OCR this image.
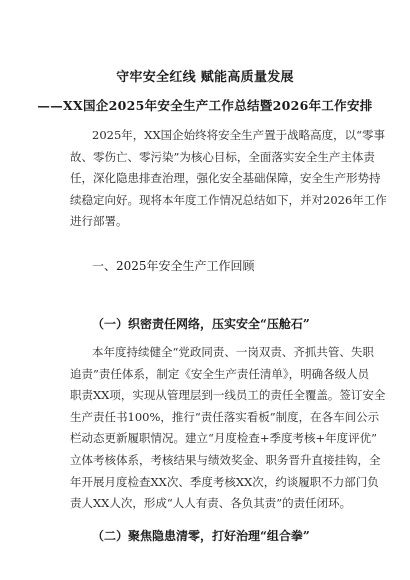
守牢安全红线 赋能高质量发展
——XX国企2025年安全生产工作总结暨2026年工作安排
2025年，XX国企始终将安全生产置于战略高度，以“零事
故、零伤亡、零污染”为核心目标，全面落实安全生产主体责
任，深化隐患排查治理，强化安全基础保障，安全生产形势持
续稳定向好。现将本年度工作情况总结如下，并对2026年工作
进行部署。
一、2025年安全生产工作回顾
（一）织密责任网络，压实安全“压舱石”
本年度持续健全“党政同责、一岗双责、齐抓共管、失职
追责”责任体系，制定《安全生产责任清单》，明确各级人员
职责XX项，实现从管理层到一线员工的责任全覆盖。签订安全
生产责任书100%，推行“责任落实看板”制度，在各车间公示
栏动态更新履职情况。建立“月度检查+季度考核+年度评优”
立体考核体系，考核结果与绩效奖金、职务晋升直接挂钩，全
年开展月度检查XX次、季度考核XX次，约谈履职不力部门负
责人XX人次，形成“人人有责、各负其责”的责任闭环。
（二）聚焦隐患清零，打好治理“组合拳”
